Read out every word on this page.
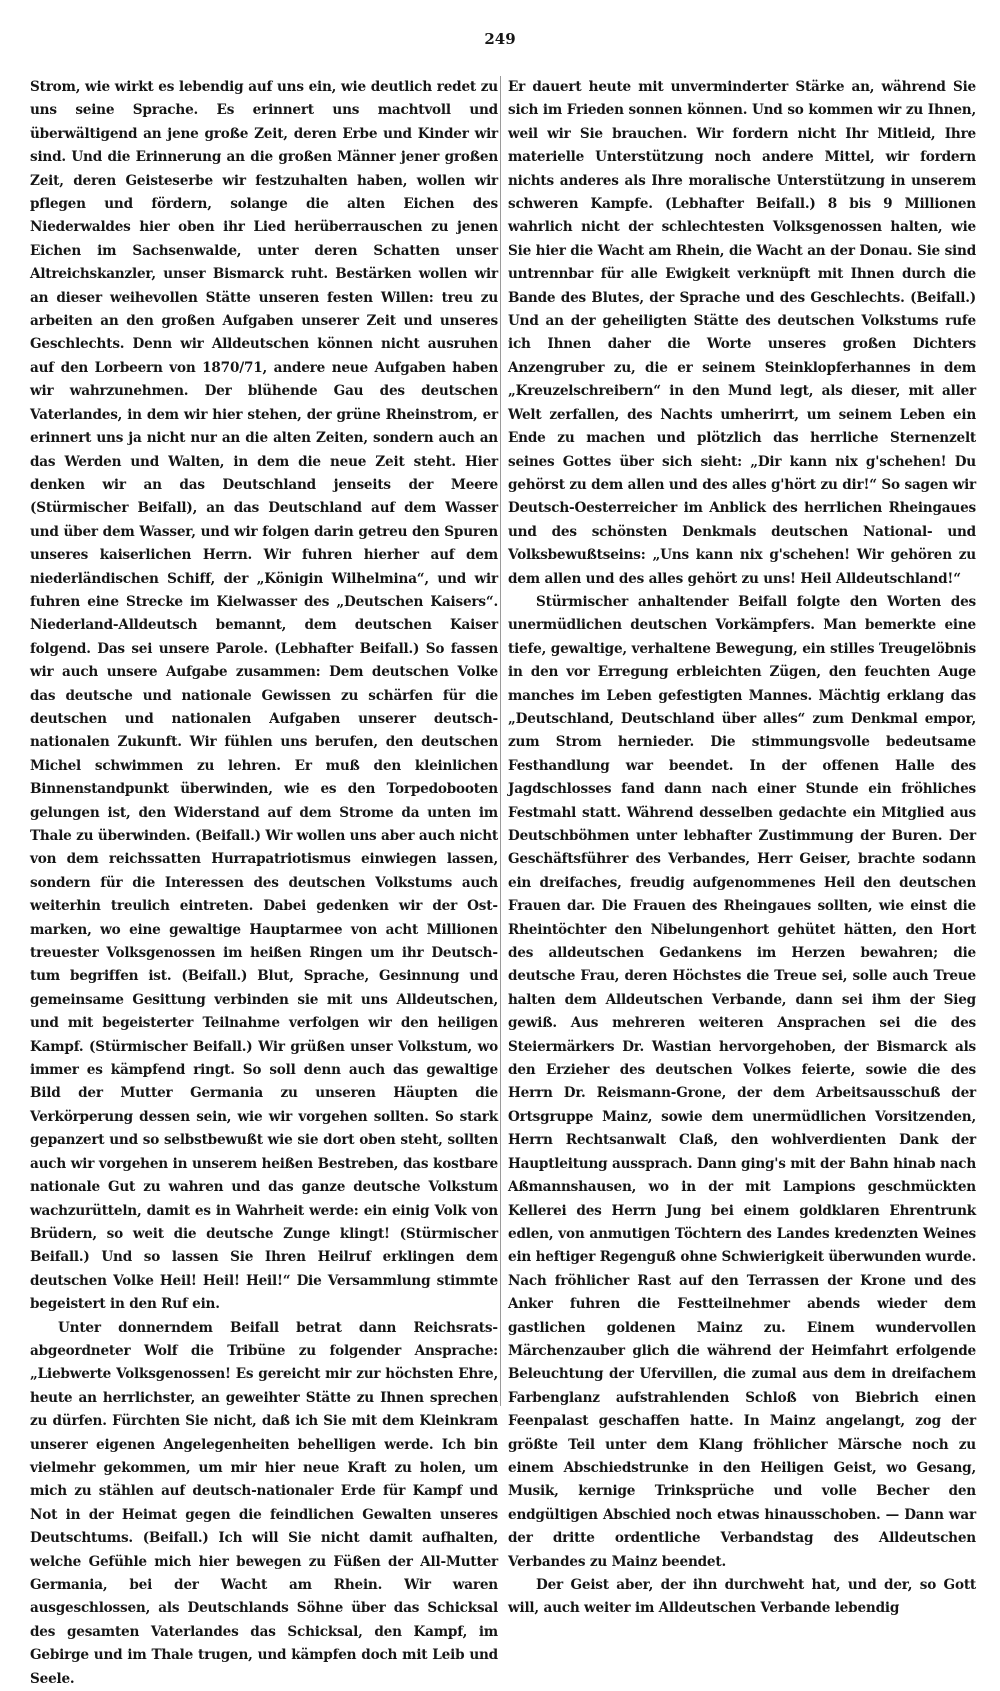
249

Strom, wie wirkt es lebendig auf uns ein, wie deutlich redet zu uns seine Sprache. Es erinnert uns machtvoll und überwältigend an jene große Zeit, deren Erbe und Kinder wir sind. Und die Erinnerung an die großen Männer jener großen Zeit, deren Geisteserbe wir festzuhalten haben, wollen wir pflegen und fördern, solange die alten Eichen des Niederwaldes hier oben ihr Lied herüberrauschen zu jenen Eichen im Sachsenwalde, unter deren Schatten unser Altreichskanzler, unser Bismarck ruht. Bestärken wollen wir an dieser weihevollen Stätte unseren festen Willen: treu zu arbeiten an den großen Aufgaben unserer Zeit und unseres Geschlechts. Denn wir Alldeutschen können nicht ausruhen auf den Lorbeern von 1870/71, andere neue Aufgaben haben wir wahrzunehmen. Der blühende Gau des deutschen Vaterlandes, in dem wir hier stehen, der grüne Rheinstrom, er erinnert uns ja nicht nur an die alten Zeiten, sondern auch an das Werden und Walten, in dem die neue Zeit steht. Hier denken wir an das Deutschland jenseits der Meere (Stürmischer Beifall), an das Deutschland auf dem Wasser und über dem Wasser, und wir folgen darin getreu den Spuren unseres kaiserlichen Herrn. Wir fuhren hierher auf dem niederländischen Schiff, der „Königin Wilhelmina“, und wir fuhren eine Strecke im Kielwasser des „Deutschen Kaisers“. Niederland-Alldeutsch bemannt, dem deutschen Kaiser folgend. Das sei unsere Parole. (Lebhafter Beifall.) So fassen wir auch unsere Aufgabe zusammen: Dem deutschen Volke das deutsche und nationale Gewissen zu schärfen für die deutschen und nationalen Aufgaben unserer deutsch-nationalen Zukunft. Wir fühlen uns berufen, den deutschen Michel schwimmen zu lehren. Er muß den kleinlichen Binnenstandpunkt überwinden, wie es den Torpedobooten gelungen ist, den Widerstand auf dem Strome da unten im Thale zu überwinden. (Beifall.) Wir wollen uns aber auch nicht von dem reichssatten Hurrapatriotismus einwiegen lassen, sondern für die Interessen des deutschen Volkstums auch weiterhin treulich eintreten. Dabei gedenken wir der Ostmarken, wo eine gewaltige Hauptarmee von acht Millionen treuester Volksgenossen im heißen Ringen um ihr Deutschtum begriffen ist. (Beifall.) Blut, Sprache, Gesinnung und gemeinsame Gesittung verbinden sie mit uns Alldeutschen, und mit begeisterter Teilnahme verfolgen wir den heiligen Kampf. (Stürmischer Beifall.) Wir grüßen unser Volkstum, wo immer es kämpfend ringt. So soll denn auch das gewaltige Bild der Mutter Germania zu unseren Häupten die Verkörperung dessen sein, wie wir vorgehen sollten. So stark gepanzert und so selbstbewußt wie sie dort oben steht, sollten auch wir vorgehen in unserem heißen Bestreben, das kostbare nationale Gut zu wahren und das ganze deutsche Volkstum wachzurütteln, damit es in Wahrheit werde: ein einig Volk von Brüdern, so weit die deutsche Zunge klingt! (Stürmischer Beifall.) Und so lassen Sie Ihren Heilruf erklingen dem deutschen Volke Heil! Heil! Heil!“ Die Versammlung stimmte begeistert in den Ruf ein.

Unter donnerndem Beifall betrat dann Reichsratsabgeordneter Wolf die Tribüne zu folgender Ansprache: „Liebwerte Volksgenossen! Es gereicht mir zur höchsten Ehre, heute an herrlichster, an geweihter Stätte zu Ihnen sprechen zu dürfen. Fürchten Sie nicht, daß ich Sie mit dem Kleinkram unserer eigenen Angelegenheiten behelligen werde. Ich bin vielmehr gekommen, um mir hier neue Kraft zu holen, um mich zu stählen auf deutsch-nationaler Erde für Kampf und Not in der Heimat gegen die feindlichen Gewalten unseres Deutschtums. (Beifall.) Ich will Sie nicht damit aufhalten, welche Gefühle mich hier bewegen zu Füßen der All-Mutter Germania, bei der Wacht am Rhein. Wir waren ausgeschlossen, als Deutschlands Söhne über das Schicksal des gesamten Vaterlandes das Schicksal, den Kampf, im Gebirge und im Thale trugen, und kämpfen doch mit Leib und Seele.

Er dauert heute mit unverminderter Stärke an, während Sie sich im Frieden sonnen können. Und so kommen wir zu Ihnen, weil wir Sie brauchen. Wir fordern nicht Ihr Mitleid, Ihre materielle Unterstützung noch andere Mittel, wir fordern nichts anderes als Ihre moralische Unterstützung in unserem schweren Kampfe. (Lebhafter Beifall.) 8 bis 9 Millionen wahrlich nicht der schlechtesten Volksgenossen halten, wie Sie hier die Wacht am Rhein, die Wacht an der Donau. Sie sind untrennbar für alle Ewigkeit verknüpft mit Ihnen durch die Bande des Blutes, der Sprache und des Geschlechts. (Beifall.) Und an der geheiligten Stätte des deutschen Volkstums rufe ich Ihnen daher die Worte unseres großen Dichters Anzengruber zu, die er seinem Steinklopferhannes in dem „Kreuzelschreibern“ in den Mund legt, als dieser, mit aller Welt zerfallen, des Nachts umherirrt, um seinem Leben ein Ende zu machen und plötzlich das herrliche Sternenzelt seines Gottes über sich sieht: „Dir kann nix g'schehen! Du gehörst zu dem allen und des alles g'hört zu dir!“ So sagen wir Deutsch-Oesterreicher im Anblick des herrlichen Rheingaues und des schönsten Denkmals deutschen National- und Volksbewußtseins: „Uns kann nix g'schehen! Wir gehören zu dem allen und des alles gehört zu uns! Heil Alldeutschland!“

Stürmischer anhaltender Beifall folgte den Worten des unermüdlichen deutschen Vorkämpfers. Man bemerkte eine tiefe, gewaltige, verhaltene Bewegung, ein stilles Treugelöbnis in den vor Erregung erbleichten Zügen, den feuchten Auge manches im Leben gefestigten Mannes. Mächtig erklang das „Deutschland, Deutschland über alles“ zum Denkmal empor, zum Strom hernieder. Die stimmungsvolle bedeutsame Festhandlung war beendet. In der offenen Halle des Jagdschlosses fand dann nach einer Stunde ein fröhliches Festmahl statt. Während desselben gedachte ein Mitglied aus Deutschböhmen unter lebhafter Zustimmung der Buren. Der Geschäftsführer des Verbandes, Herr Geiser, brachte sodann ein dreifaches, freudig aufgenommenes Heil den deutschen Frauen dar. Die Frauen des Rheingaues sollten, wie einst die Rheintöchter den Nibelungenhort gehütet hätten, den Hort des alldeutschen Gedankens im Herzen bewahren; die deutsche Frau, deren Höchstes die Treue sei, solle auch Treue halten dem Alldeutschen Verbande, dann sei ihm der Sieg gewiß. Aus mehreren weiteren Ansprachen sei die des Steiermärkers Dr. Wastian hervorgehoben, der Bismarck als den Erzieher des deutschen Volkes feierte, sowie die des Herrn Dr. Reismann-Grone, der dem Arbeitsausschuß der Ortsgruppe Mainz, sowie dem unermüdlichen Vorsitzenden, Herrn Rechtsanwalt Claß, den wohlverdienten Dank der Hauptleitung aussprach. Dann ging's mit der Bahn hinab nach Aßmannshausen, wo in der mit Lampions geschmückten Kellerei des Herrn Jung bei einem goldklaren Ehrentrunk edlen, von anmutigen Töchtern des Landes kredenzten Weines ein heftiger Regenguß ohne Schwierigkeit überwunden wurde. Nach fröhlicher Rast auf den Terrassen der Krone und des Anker fuhren die Festteilnehmer abends wieder dem gastlichen goldenen Mainz zu. Einem wundervollen Märchenzauber glich die während der Heimfahrt erfolgende Beleuchtung der Ufervillen, die zumal aus dem in dreifachem Farbenglanz aufstrahlenden Schloß von Biebrich einen Feenpalast geschaffen hatte. In Mainz angelangt, zog der größte Teil unter dem Klang fröhlicher Märsche noch zu einem Abschiedstrunke in den Heiligen Geist, wo Gesang, Musik, kernige Trinksprüche und volle Becher den endgültigen Abschied noch etwas hinausschoben. — Dann war der dritte ordentliche Verbandstag des Alldeutschen Verbandes zu Mainz beendet.

Der Geist aber, der ihn durchweht hat, und der, so Gott will, auch weiter im Alldeutschen Verbande lebendig
